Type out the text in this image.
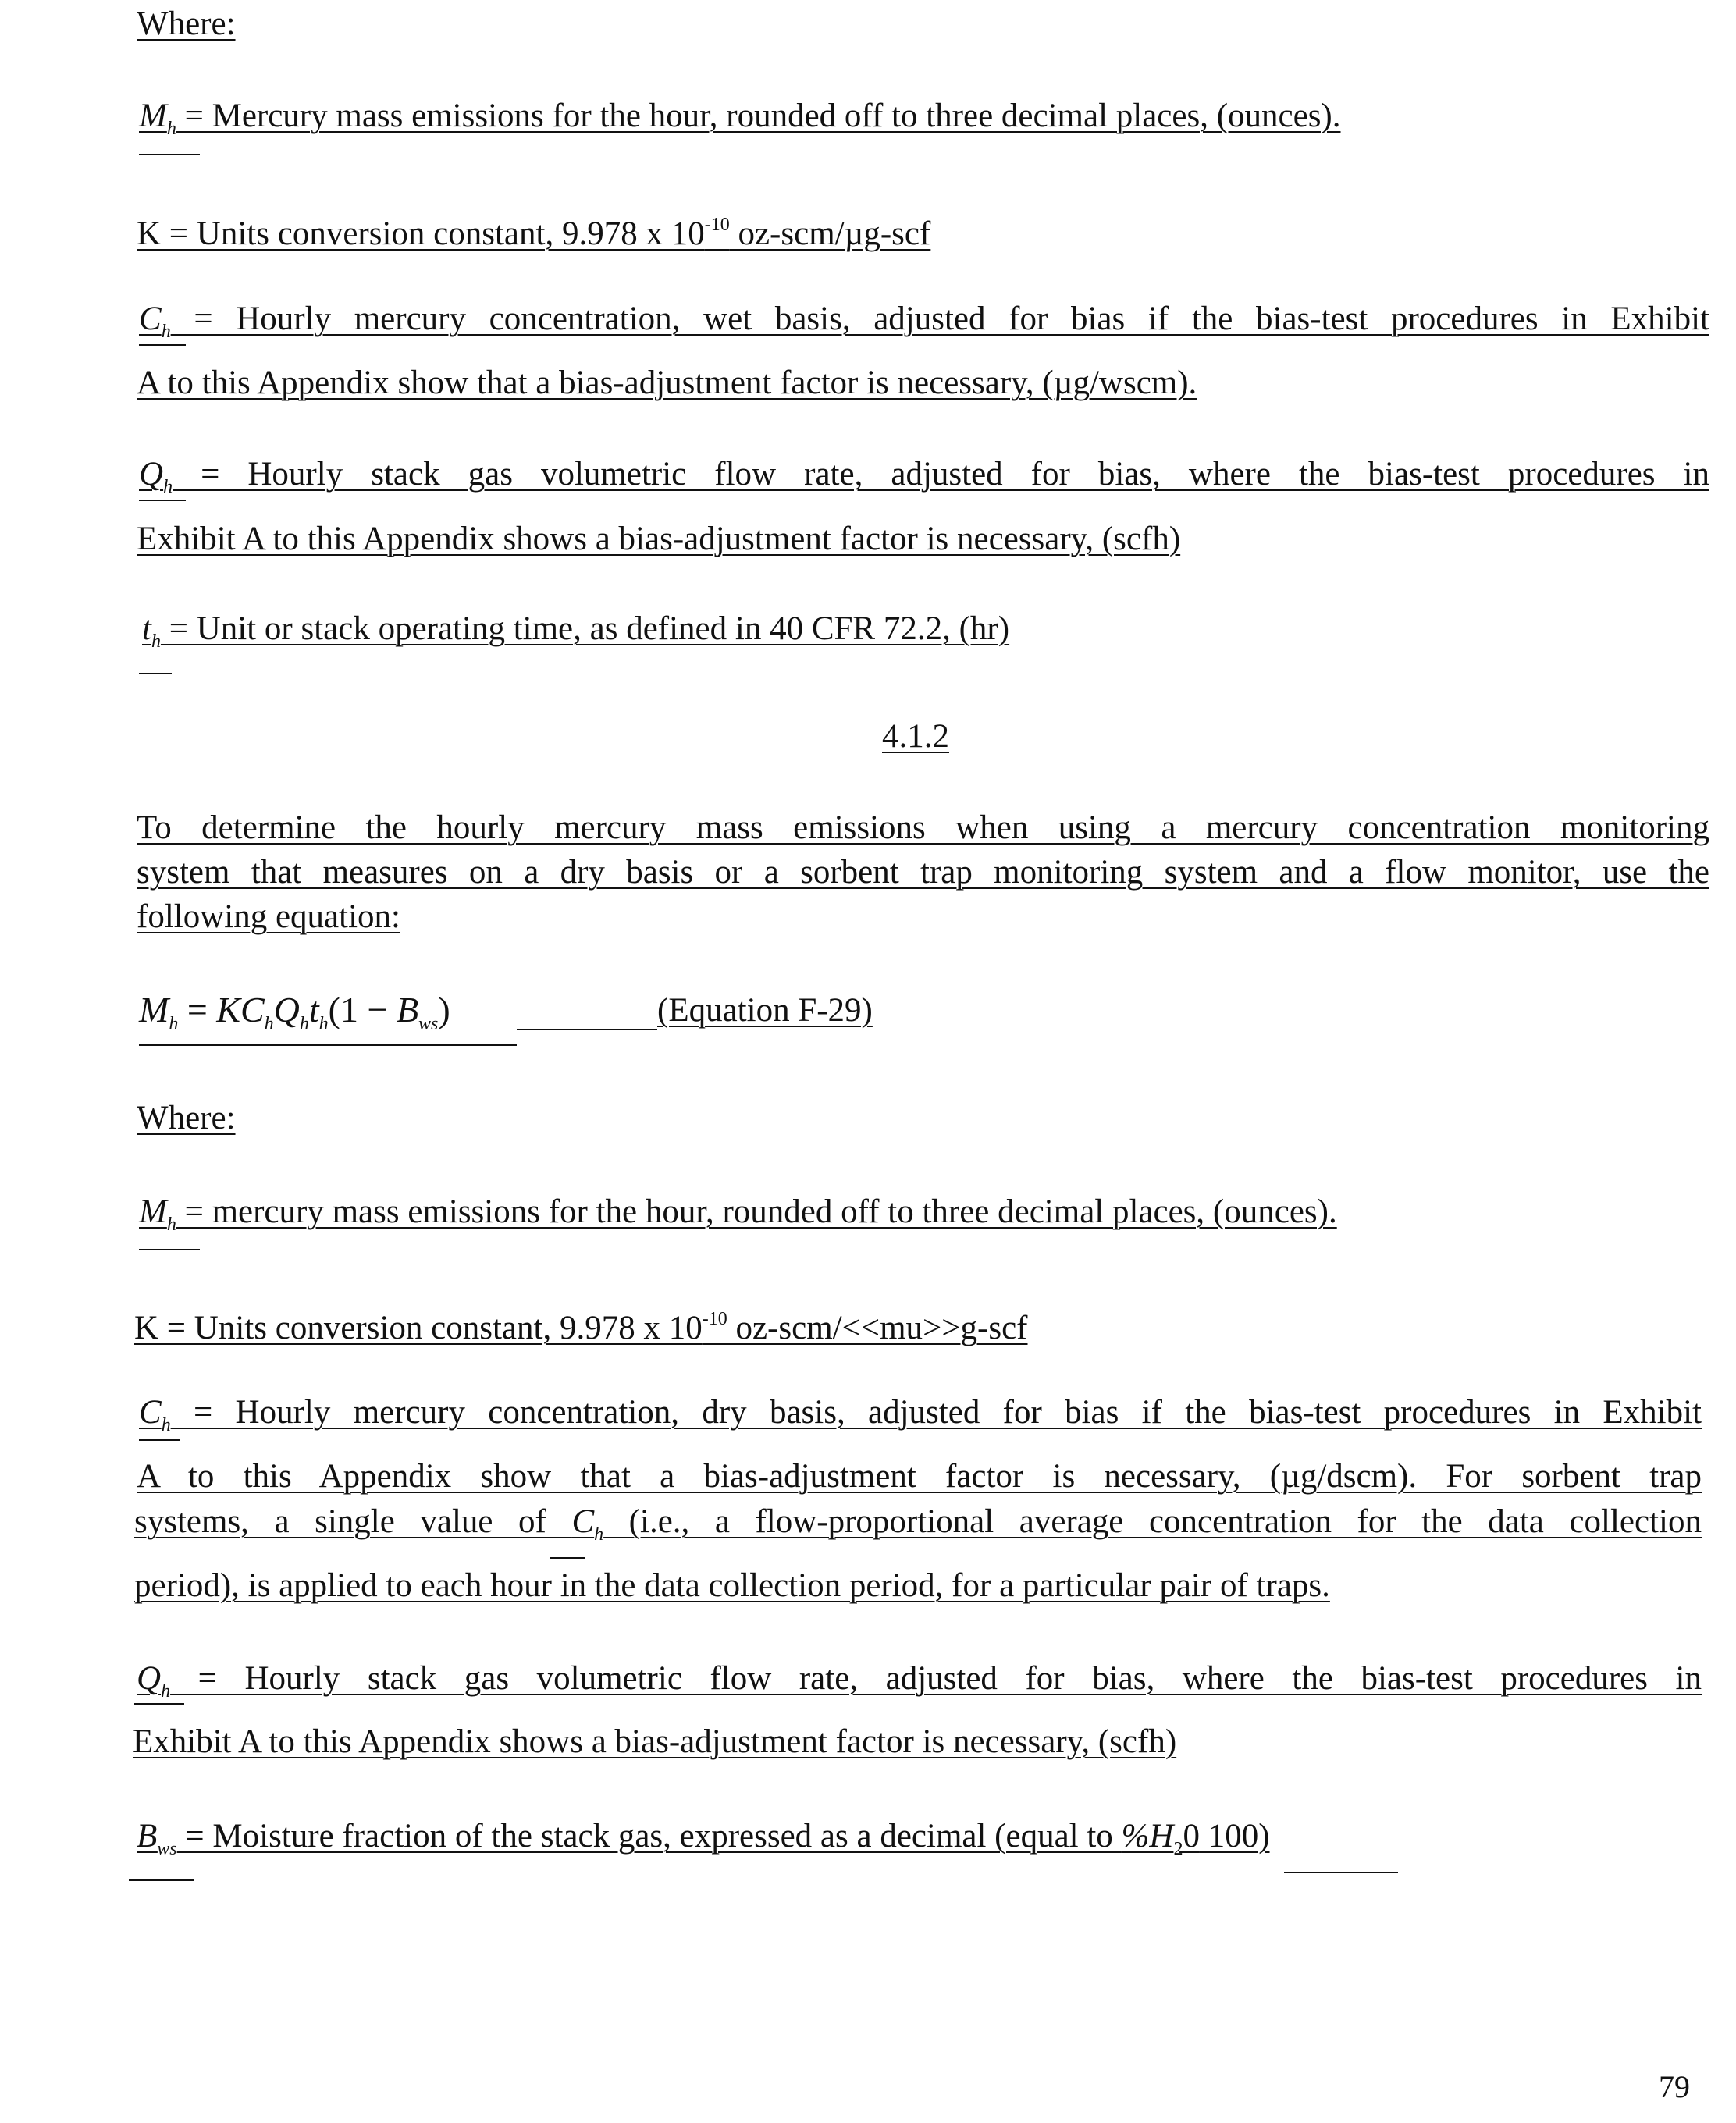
Where:
$M_h$ = Mercury mass emissions for the hour, rounded off to three decimal places, (ounces).
K = Units conversion constant, 9.978 x $10^{-10}$ oz-scm/µg-scf
$C_h$ = Hourly mercury concentration, wet basis, adjusted for bias if the bias-test procedures in Exhibit
A to this Appendix show that a bias-adjustment factor is necessary, (µg/wscm).
$Q_h$ = Hourly stack gas volumetric flow rate, adjusted for bias, where the bias-test procedures in
Exhibit A to this Appendix shows a bias-adjustment factor is necessary, (scfh)
$t_h$ = Unit or stack operating time, as defined in 40 CFR 72.2, (hr)
4.1.2
To determine the hourly mercury mass emissions when using a mercury concentration monitoring
system that measures on a dry basis or a sorbent trap monitoring system and a flow monitor, use the
following equation:
$M_h = KC_hQ_ht_h(1 - B_{ws})$	(Equation F-29)
Where:
$M_h$ = mercury mass emissions for the hour, rounded off to three decimal places, (ounces).
K = Units conversion constant, 9.978 x $10^{-10}$ oz-scm/<<mu>>g-scf
$C_h$ = Hourly mercury concentration, dry basis, adjusted for bias if the bias-test procedures in Exhibit
A to this Appendix show that a bias-adjustment factor is necessary, (µg/dscm). For sorbent trap
systems, a single value of $C_h$ (i.e., a flow-proportional average concentration for the data collection
period), is applied to each hour in the data collection period, for a particular pair of traps.
$Q_h$ = Hourly stack gas volumetric flow rate, adjusted for bias, where the bias-test procedures in
Exhibit A to this Appendix shows a bias-adjustment factor is necessary, (scfh)
$B_{ws}$ = Moisture fraction of the stack gas, expressed as a decimal (equal to $\%H_20$ 100)
79
